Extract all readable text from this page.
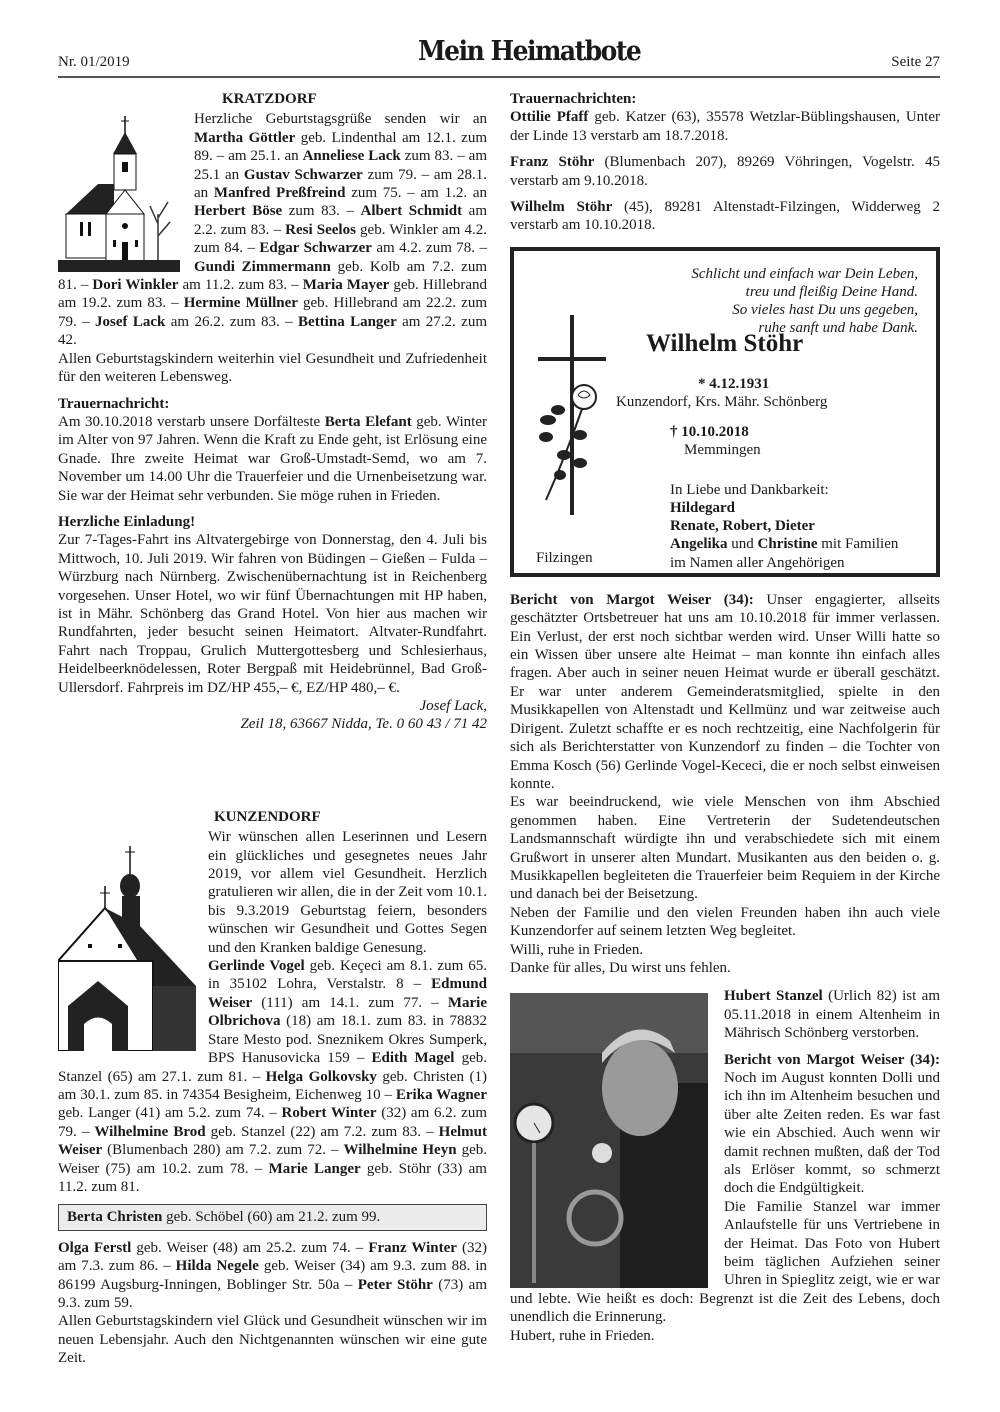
Nr. 01/2019	Mein Heimatbote	Seite 27
KRATZDORF

Herzliche Geburtstagsgrüße senden wir an Martha Göttler geb. Lindenthal am 12.1. zum 89. – am 25.1. an Anneliese Lack zum 83. – am 25.1 an Gustav Schwarzer zum 79. – am 28.1. an Manfred Preßfreind zum 75. – am 1.2. an Herbert Böse zum 83. – Albert Schmidt am 2.2. zum 83. – Resi Seelos geb. Winkler am 4.2. zum 84. – Edgar Schwarzer am 4.2. zum 78. – Gundi Zimmermann geb. Kolb am 7.2. zum 81. – Dori Winkler am 11.2. zum 83. – Maria Mayer geb. Hillebrand am 19.2. zum 83. – Hermine Müllner geb. Hillebrand am 22.2. zum 79. – Josef Lack am 26.2. zum 83. – Bettina Langer am 27.2. zum 42.

Allen Geburtstagskindern weiterhin viel Gesundheit und Zufriedenheit für den weiteren Lebensweg.

Trauernachricht:

Am 30.10.2018 verstarb unsere Dorfälteste Berta Elefant geb. Winter im Alter von 97 Jahren. Wenn die Kraft zu Ende geht, ist Erlösung eine Gnade. Ihre zweite Heimat war Groß-Umstadt-Semd, wo am 7. November um 14.00 Uhr die Trauerfeier und die Urnenbeisetzung war. Sie war der Heimat sehr verbunden. Sie möge ruhen in Frieden.

Herzliche Einladung!

Zur 7-Tages-Fahrt ins Altvatergebirge von Donnerstag, den 4. Juli bis Mittwoch, 10. Juli 2019. Wir fahren von Büdingen – Gießen – Fulda – Würzburg nach Nürnberg. Zwischenübernachtung ist in Reichenberg vorgesehen. Unser Hotel, wo wir fünf Übernachtungen mit HP haben, ist in Mähr. Schönberg das Grand Hotel. Von hier aus machen wir Rundfahrten, jeder besucht seinen Heimatort. Altvater-Rundfahrt. Fahrt nach Troppau, Grulich Muttergottesberg und Schlesierhaus, Heidelbeerknödelessen, Roter Bergpaß mit Heidebrünnel, Bad Groß-Ullersdorf. Fahrpreis im DZ/HP 455,– €, EZ/HP 480,– €.

Josef Lack,

Zeil 18, 63667 Nidda, Te. 0 60 43 / 71 42

KUNZENDORF

Wir wünschen allen Leserinnen und Lesern ein glückliches und gesegnetes neues Jahr 2019, vor allem viel Gesundheit. Herzlich gratulieren wir allen, die in der Zeit vom 10.1. bis 9.3.2019 Geburtstag feiern, besonders wünschen wir Gesundheit und Gottes Segen und den Kranken baldige Genesung.

Gerlinde Vogel geb. Keçeci am 8.1. zum 65. in 35102 Lohra, Verstalstr. 8 – Edmund Weiser (111) am 14.1. zum 77. – Marie Olbrichova (18) am 18.1. zum 83. in 78832 Stare Mesto pod. Sneznikem Okres Sumperk, BPS Hanusovicka 159 – Edith Magel geb. Stanzel (65) am 27.1. zum 81. – Helga Golkovsky geb. Christen (1) am 30.1. zum 85. in 74354 Besigheim, Eichenweg 10 – Erika Wagner geb. Langer (41) am 5.2. zum 74. – Robert Winter (32) am 6.2. zum 79. – Wilhelmine Brod geb. Stanzel (22) am 7.2. zum 83. – Helmut Weiser (Blumenbach 280) am 7.2. zum 72. – Wilhelmine Heyn geb. Weiser (75) am 10.2. zum 78. – Marie Langer geb. Stöhr (33) am 11.2. zum 81.

Berta Christen geb. Schöbel (60) am 21.2. zum 99.

Olga Ferstl geb. Weiser (48) am 25.2. zum 74. – Franz Winter (32) am 7.3. zum 86. – Hilda Negele geb. Weiser (34) am 9.3. zum 88. in 86199 Augsburg-Inningen, Boblinger Str. 50a – Peter Stöhr (73) am 9.3. zum 59.

Allen Geburtstagskindern viel Glück und Gesundheit wünschen wir im neuen Lebensjahr. Auch den Nichtgenannten wünschen wir eine gute Zeit.

Trauernachrichten:

Ottilie Pfaff geb. Katzer (63), 35578 Wetzlar-Büblingshausen, Unter der Linde 13 verstarb am 18.7.2018.

Franz Stöhr (Blumenbach 207), 89269 Vöhringen, Vogelstr. 45 verstarb am 9.10.2018.

Wilhelm Stöhr (45), 89281 Altenstadt-Filzingen, Widderweg 2 verstarb am 10.10.2018.

Schlicht und einfach war Dein Leben,
treu und fleißig Deine Hand.
So vieles hast Du uns gegeben,
ruhe sanft und habe Dank.
Wilhelm Stöhr
* 4.12.1931
Kunzendorf, Krs. Mähr. Schönberg
† 10.10.2018
Memmingen
In Liebe und Dankbarkeit:
Hildegard
Renate, Robert, Dieter
Angelika und Christine mit Familien
im Namen aller Angehörigen
Filzingen

Bericht von Margot Weiser (34): Unser engagierter, allseits geschätzter Ortsbetreuer hat uns am 10.10.2018 für immer verlassen. Ein Verlust, der erst noch sichtbar werden wird. Unser Willi hatte so ein Wissen über unsere alte Heimat – man konnte ihn einfach alles fragen. Aber auch in seiner neuen Heimat wurde er überall geschätzt. Er war unter anderem Gemeinderatsmitglied, spielte in den Musikkapellen von Altenstadt und Kellmünz und war zeitweise auch Dirigent. Zuletzt schaffte er es noch rechtzeitig, eine Nachfolgerin für sich als Berichterstatter von Kunzendorf zu finden – die Tochter von Emma Kosch (56) Gerlinde Vogel-Kececi, die er noch selbst einweisen konnte.

Es war beeindruckend, wie viele Menschen von ihm Abschied genommen haben. Eine Vertreterin der Sudetendeutschen Landsmannschaft würdigte ihn und verabschiedete sich mit einem Grußwort in unserer alten Mundart. Musikanten aus den beiden o. g. Musikkapellen begleiteten die Trauerfeier beim Requiem in der Kirche und danach bei der Beisetzung.

Neben der Familie und den vielen Freunden haben ihn auch viele Kunzendorfer auf seinem letzten Weg begleitet.

Willi, ruhe in Frieden.

Danke für alles, Du wirst uns fehlen.

Hubert Stanzel (Urlich 82) ist am 05.11.2018 in einem Altenheim in Mährisch Schönberg verstorben.

Bericht von Margot Weiser (34): Noch im August konnten Dolli und ich ihn im Altenheim besuchen und über alte Zeiten reden. Es war fast wie ein Abschied. Auch wenn wir damit rechnen mußten, daß der Tod als Erlöser kommt, so schmerzt doch die Endgültigkeit.

Die Familie Stanzel war immer Anlaufstelle für uns Vertriebene in der Heimat. Das Foto von Hubert beim täglichen Aufziehen seiner Uhren in Spieglitz zeigt, wie er war und lebte. Wie heißt es doch: Begrenzt ist die Zeit des Lebens, doch unendlich die Erinnerung.

Hubert, ruhe in Frieden.
